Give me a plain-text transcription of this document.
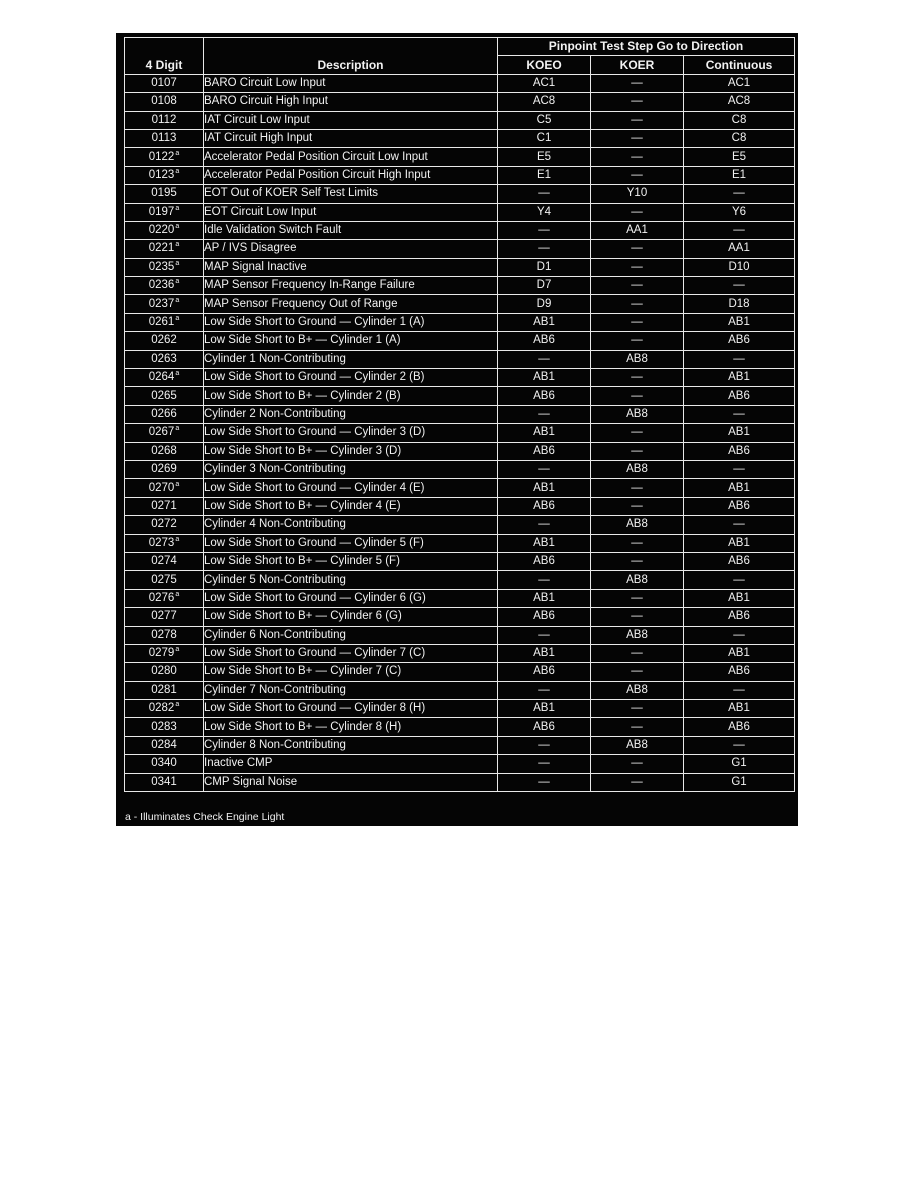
4 Digit	Description	Pinpoint Test Step Go to Direction		
		KOEO	KOER	Continuous
0107	BARO Circuit Low Input	AC1	—	AC1
0108	BARO Circuit High Input	AC8	—	AC8
0112	IAT Circuit Low Input	C5	—	C8
0113	IAT Circuit High Input	C1	—	C8
0122$^a$	Accelerator Pedal Position Circuit Low Input	E5	—	E5
0123$^a$	Accelerator Pedal Position Circuit High Input	E1	—	E1
0195	EOT Out of KOER Self Test Limits	—	Y10	—
0197$^a$	EOT Circuit Low Input	Y4	—	Y6
0220$^a$	Idle Validation Switch Fault	—	AA1	—
0221$^a$	AP / IVS Disagree	—	—	AA1
0235$^a$	MAP Signal Inactive	D1	—	D10
0236$^a$	MAP Sensor Frequency In-Range Failure	D7	—	—
0237$^a$	MAP Sensor Frequency Out of Range	D9	—	D18
0261$^a$	Low Side Short to Ground — Cylinder 1 (A)	AB1	—	AB1
0262	Low Side Short to B+ — Cylinder 1 (A)	AB6	—	AB6
0263	Cylinder 1 Non-Contributing	—	AB8	—
0264$^a$	Low Side Short to Ground — Cylinder 2 (B)	AB1	—	AB1
0265	Low Side Short to B+ — Cylinder 2 (B)	AB6	—	AB6
0266	Cylinder 2 Non-Contributing	—	AB8	—
0267$^a$	Low Side Short to Ground — Cylinder 3 (D)	AB1	—	AB1
0268	Low Side Short to B+ — Cylinder 3 (D)	AB6	—	AB6
0269	Cylinder 3 Non-Contributing	—	AB8	—
0270$^a$	Low Side Short to Ground — Cylinder 4 (E)	AB1	—	AB1
0271	Low Side Short to B+ — Cylinder 4 (E)	AB6	—	AB6
0272	Cylinder 4 Non-Contributing	—	AB8	—
0273$^a$	Low Side Short to Ground — Cylinder 5 (F)	AB1	—	AB1
0274	Low Side Short to B+ — Cylinder 5 (F)	AB6	—	AB6
0275	Cylinder 5 Non-Contributing	—	AB8	—
0276$^a$	Low Side Short to Ground — Cylinder 6 (G)	AB1	—	AB1
0277	Low Side Short to B+ — Cylinder 6 (G)	AB6	—	AB6
0278	Cylinder 6 Non-Contributing	—	AB8	—
0279$^a$	Low Side Short to Ground — Cylinder 7 (C)	AB1	—	AB1
0280	Low Side Short to B+ — Cylinder 7 (C)	AB6	—	AB6
0281	Cylinder 7 Non-Contributing	—	AB8	—
0282$^a$	Low Side Short to Ground — Cylinder 8 (H)	AB1	—	AB1
0283	Low Side Short to B+ — Cylinder 8 (H)	AB6	—	AB6
0284	Cylinder 8 Non-Contributing	—	AB8	—
0340	Inactive CMP	—	—	G1
0341	CMP Signal Noise	—	—	G1
a - Illuminates Check Engine Light
